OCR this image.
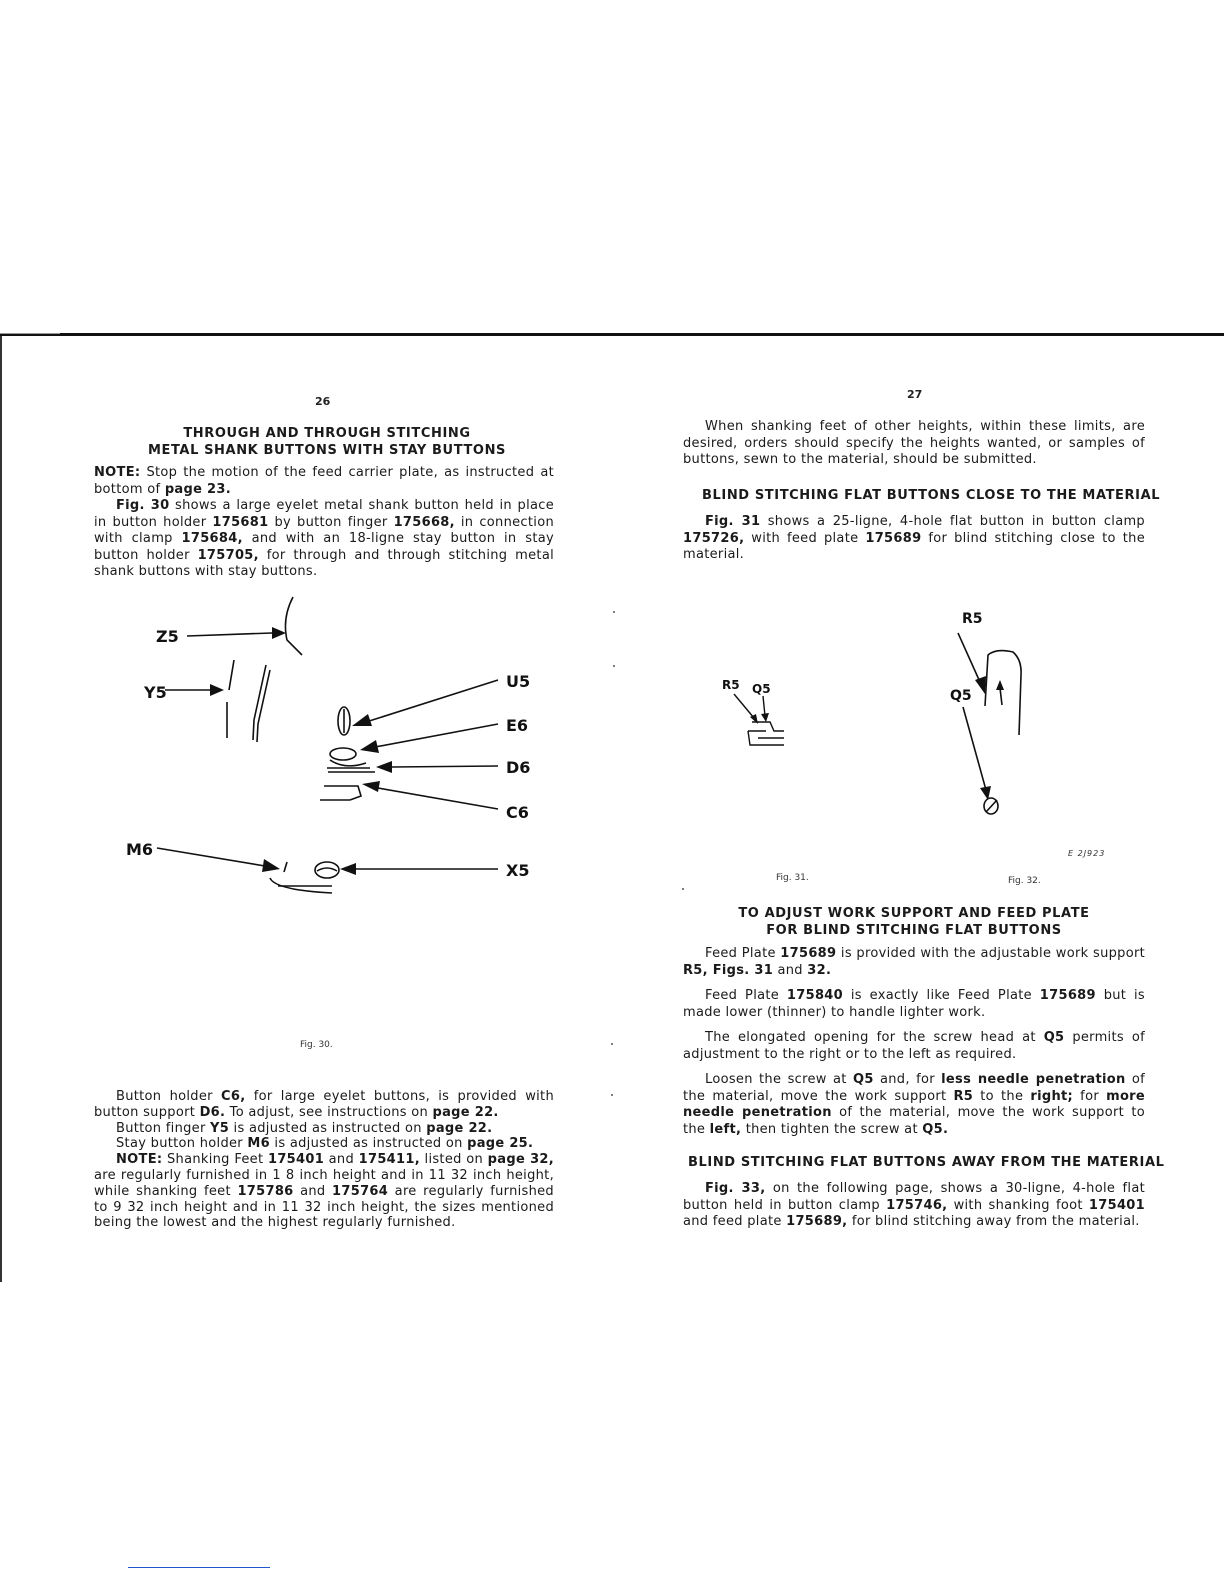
26
THROUGH AND THROUGH STITCHING
METAL SHANK BUTTONS WITH STAY BUTTONS

NOTE: Stop the motion of the feed carrier plate, as instructed at bottom of page 23.

Fig. 30 shows a large eyelet metal shank button held in place in button holder 175681 by button finger 175668, in connection with clamp 175684, and with an 18-ligne stay button in stay button holder 175705, for through and through stitching metal shank buttons with stay buttons.

Z5
Y5
M6
U5
E6
D6
C6
X5
Fig. 30.

Button holder C6, for large eyelet buttons, is provided with button support D6. To adjust, see instructions on page 22.

Button finger Y5 is adjusted as instructed on page 22.

Stay button holder M6 is adjusted as instructed on page 25.

NOTE: Shanking Feet 175401 and 175411, listed on page 32, are regularly furnished in 1 8 inch height and in 11 32 inch height, while shanking feet 175786 and 175764 are regularly furnished to 9 32 inch height and in 11 32 inch height, the sizes mentioned being the lowest and the highest regularly furnished.

27

When shanking feet of other heights, within these limits, are desired, orders should specify the heights wanted, or samples of buttons, sewn to the material, should be submitted.

BLIND STITCHING FLAT BUTTONS CLOSE TO THE MATERIAL

Fig. 31 shows a 25-ligne, 4-hole flat button in button clamp 175726, with feed plate 175689 for blind stitching close to the material.

R5
R5 Q5	Q5
E 2J923
Fig. 31.	Fig. 32.
TO ADJUST WORK SUPPORT AND FEED PLATE
FOR BLIND STITCHING FLAT BUTTONS

Feed Plate 175689 is provided with the adjustable work support R5, Figs. 31 and 32.

Feed Plate 175840 is exactly like Feed Plate 175689 but is made lower (thinner) to handle lighter work.

The elongated opening for the screw head at Q5 permits of adjustment to the right or to the left as required.

Loosen the screw at Q5 and, for less needle penetration of the material, move the work support R5 to the right; for more needle penetration of the material, move the work support to the left, then tighten the screw at Q5.

BLIND STITCHING FLAT BUTTONS AWAY FROM THE MATERIAL

Fig. 33, on the following page, shows a 30-ligne, 4-hole flat button held in button clamp 175746, with shanking foot 175401 and feed plate 175689, for blind stitching away from the material.
